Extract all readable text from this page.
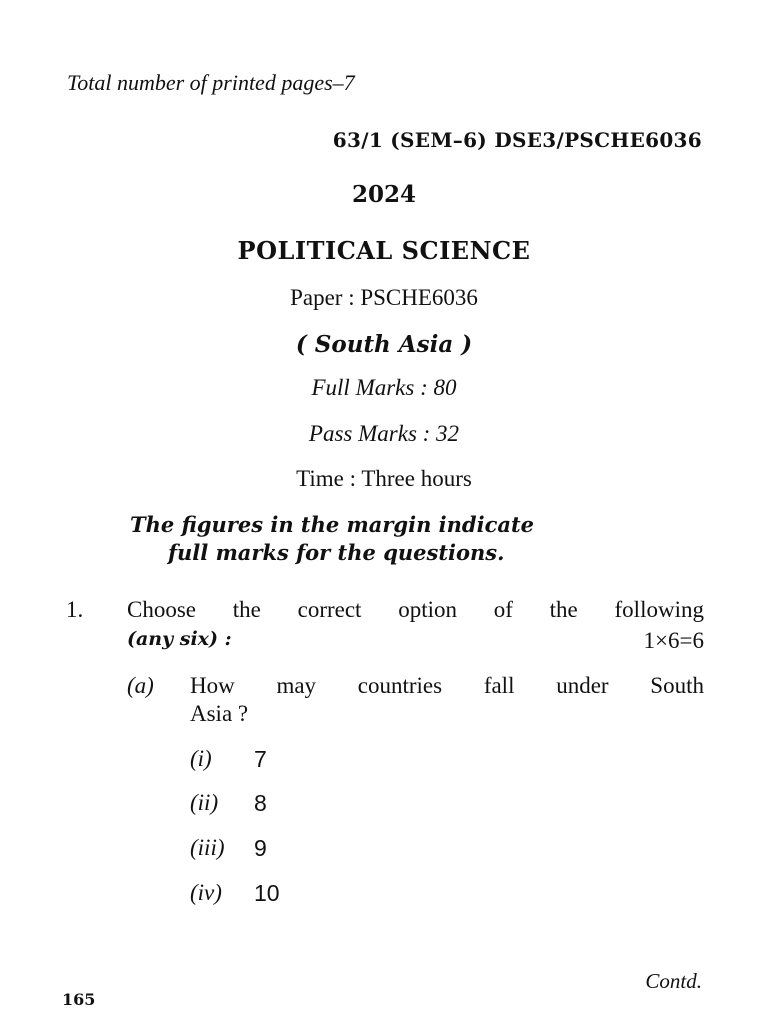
Total number of printed pages–7
63/1 (SEM–6) DSE3/PSCHE6036
2024
POLITICAL SCIENCE
Paper : PSCHE6036
( South Asia )
Full Marks : 80
Pass Marks : 32
Time : Three hours
The figures in the margin indicate
full marks for the questions.
1. Choose the correct option of the following
(any six) :	1×6=6
(a) How may countries fall under South
Asia ?
(i) 7
(ii) 8
(iii) 9
(iv) 10
Contd.
165
